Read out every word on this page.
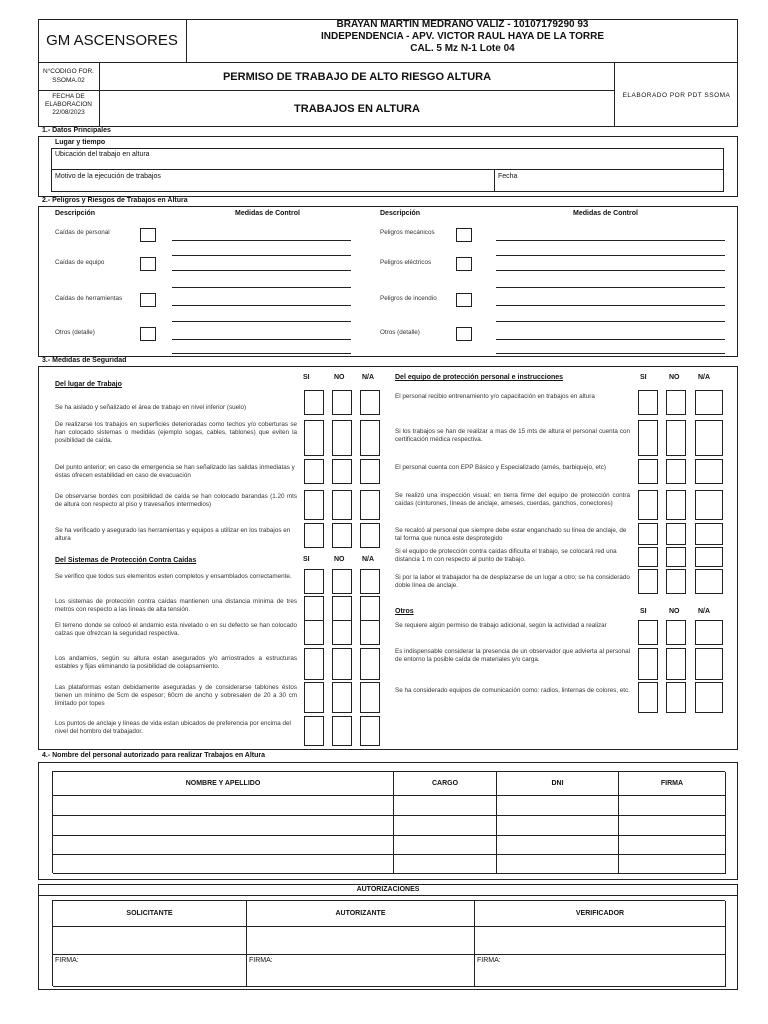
GM ASCENSORES
BRAYAN MARTIN MEDRANO VALIZ - 10107179290 93
INDEPENDENCIA - APV. VICTOR RAUL HAYA DE LA TORRE
CAL. 5 Mz N-1 Lote 04
N°CODIGO FOR. SSOMA.02
FECHA DE ELABORACION
22/08/2023
PERMISO DE TRABAJO DE ALTO RIESGO ALTURA
TRABAJOS EN ALTURA
ELABORADO POR PDT SSOMA
1.- Datos Principales
Lugar y tiempo
Ubicación del trabajo en altura
Motivo de la ejecución de trabajos	Fecha
2.- Peligros y Riesgos de Trabajos en Altura
Descripción	Medidas de Control	Descripción	Medidas de Control
Caídas de personal
Caídas de equipo
Caídas de herramientas
Otros (detalle)
Peligros mecánicos
Peligros eléctricos
Peligros de incendio
Otros (detalle)
3.- Medidas de Seguridad
Del lugar de Trabajo
SI	NO	N/A
Se ha aislado y señalizado el área de trabajo en nivel inferior (suelo)
De realizarse los trabajos en superficies deterioradas como techos y/o coberturas se han colocado sistemas o medidas (ejemplo sogas, cables, tablones) que eviten la posibilidad de caída.
Del punto anterior; en caso de emergencia se han señalizado las salidas inmediatas y éstas ofrecen estabilidad en caso de evacuación
De observarse bordes con posibilidad de caída se han colocado barandas (1.20 mts de altura con respecto al piso y travesaños intermedios)
Se ha verificado y asegurado las herramientas y equipos a utilizar en los trabajos en altura
Del Sistemas de Protección Contra Caídas	SI	NO	N/A
Se verifico que todos sus elementos esten completos y ensamblados correctamente.
Los sistemas de protección contra caídas mantienen una distancia mínima de tres metros con respecto a las líneas de alta tensión.
El terreno donde se colocó el andamio esta nivelado o en su defecto se han colocado calzas que ofrezcan la seguridad respectiva.
Los andamios, según su altura estan asegurados y/o arriostrados a estructuras estables y fijas eliminando la posibilidad de colapsamiento.
Las plataformas estan debidamente aseguradas y de considerarse tablones éstos tienen un mínimo de 5cm de espesor; 60cm de ancho y sobresalen de 20 a 30 cm limitado por topes
Los puntos de anclaje y líneas de vida estan ubicados de preferencia por encima del nivel del hombro del trabajador.
Del equipo de protección personal e instrucciones	SI	NO	N/A
El personal recibio entrenamiento y/o capacitación en trabajos en altura
Si los trabajos se han de realizar a mas de 15 mts de altura el personal cuenta con certificación médica respectiva.
El personal cuenta con EPP Básico y Especializado (arnés, barbiquejo, etc)
Se realizó una inspección visual; en tierra firme del equipo de protección contra caídas (cinturones, líneas de anclaje, arneses, cuerdas, ganchos, conectores)
Se recalcó al personal que siempre debe estar enganchado su línea de anclaje, de tal forma que nunca este desprotegido
Si el equipo de protección contra caídas dificulta el trabajo, se colocará red una distancia 1 m con respecto al punto de trabajo.
Si por la labor el trabajador ha de desplazarse de un lugar a otro; se ha considerado doble línea de anclaje.
Otros	SI	NO	N/A
Se requiere algún permiso de trabajo adicional, según la actividad a realizar
Es indispensable considerar la presencia de un observador que advierta al personal de entorno la posible caída de materiales y/o carga.
Se ha considerado equipos de comunicación como: radios, linternas de colores, etc.
4.- Nombre del personal autorizado para realizar Trabajos en Altura
NOMBRE Y APELLIDO	CARGO	DNI	FIRMA
AUTORIZACIONES
SOLICITANTE	AUTORIZANTE	VERIFICADOR
FIRMA:	FIRMA:	FIRMA:
